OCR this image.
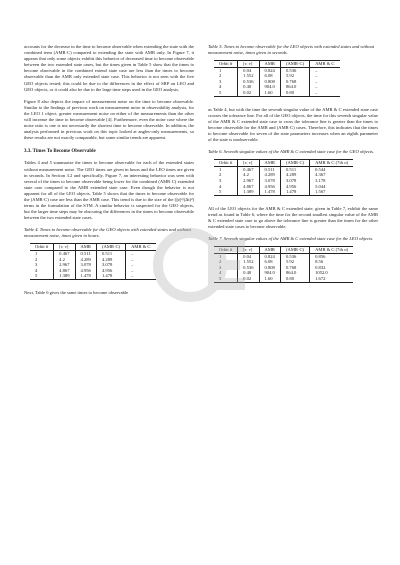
accounts for the decrease in the time to become observable when extending the state with the combined term (AMR·C) compared to extending the state with AMR only. In Figure 7, it appears that only some objects exhibit this behavior of decreased time to become observable between the two extended state cases, but the times given in Table 5 show that the times to become observable in the combined extend state case are less than the times to become observable than the AMR only extended state case. This behavior is not seen with the five GEO objects tested; this could be due to the differences in the effect of SRP on LEO and GEO objects, or it could also be due to the large time steps used in the GEO analysis.

Figure 8 also depicts the impact of measurement noise on the time to become observable. Similar to the findings of previous work on measurement noise in observability analysis, for the LEO 1 object, greater measurement noise on either of the measurements than the other will increase the time to become observable [4]. Furthermore, even the noise case where the noise ratio is one is not necessarily the shortest time to become observable. In addition, the analysis performed in previous work on this topic looked at angles-only measurements, so these results are not exactly comparable, but some similar trends are apparent.

3.3. Times To Become Observable

Tables 4 and 5 summarize the times to become observable for each of the extended states without measurement noise. The GEO times are given in hours and the LEO times are given in seconds. In Section 3.2 and specifically, Figure 7, an interesting behavior was seen with several of the times to become observable being lower for the combined (AMR·C) extended state case compared to the AMR extended state case. Even though the behavior is not apparent for all of the LEO objects, Table 5 shows that the times to become observable for the (AMR·C) case are less than the AMR case. This trend is due to the size of the (||r||²/(Δt)²) terms in the formulation of the STM. A similar behavior is suspected for the GEO objects, but the larger time steps may be obscuring the differences in the times to become observable between the two extended state cases.

Table 4. Times to become observable for the GEO objects with extended states and without measurement noise, times given in hours.
Orbit #	[r; v]	AMR	(AMR·C)	AMR & C
1	0.467	0.511	0.511	–
2	4.2	4.289	4.289	–
3	2.967	3.078	3.078	–
4	4.867	4.956	4.956	–
5	1.389	1.478	1.478	–

Next, Table 6 gives the same times to become observable

Table 5. Times to become observable for the LEO objects with extended states and without measurement noise, times given in seconds.
Orbit #	[r; v]	AMR	(AMR·C)	AMR & C
1	0.04	0.824	0.536	–
2	1.552	6.08	5.92	–
3	0.536	0.808	0.768	–
4	0.40	904.0	864.0	–
5	0.02	1.60	0.80	–

as Table 4, but with the time the seventh singular value of the AMR & C extended state case crosses the tolerance line. For all of the GEO objects, the time for this seventh singular value of the AMR & C extended state case to cross the tolerance line is greater than the times to become observable for the AMR and (AMR·C) cases. Therefore, this indicates that the times to become observable for seven of the state parameters increases when an eighth parameter of the state is unobservable.

Table 6. Seventh singular values of the AMR & C extended state case for the GEO objects.
Orbit #	[r; v]	AMR	(AMR·C)	AMR & C (7th σ)
1	0.467	0.511	0.511	0.544
2	4.2	4.289	4.289	4.367
3	2.967	3.078	3.078	3.178
4	4.867	4.956	4.956	5.044
5	1.389	1.478	1.478	1.567

All of the LEO objects for the AMR & C extended state, given in Table 7, exhibit the same trend as found in Table 6, where the time for the second smallest singular value of the AMR & C extended state case to go above the tolerance line is greater than the times for the other extended state cases to become observable.

Table 7. Seventh singular values of the AMR & C extended state case for the LEO objects.
Orbit #	[r; v]	AMR	(AMR·C)	AMR & C (7th σ)
1	0.04	0.824	0.536	0.856
2	1.552	6.08	5.92	8.56
3	0.536	0.808	0.768	0.832
4	0.40	904.0	864.0	1052.0
5	0.02	1.60	0.80	1.672
